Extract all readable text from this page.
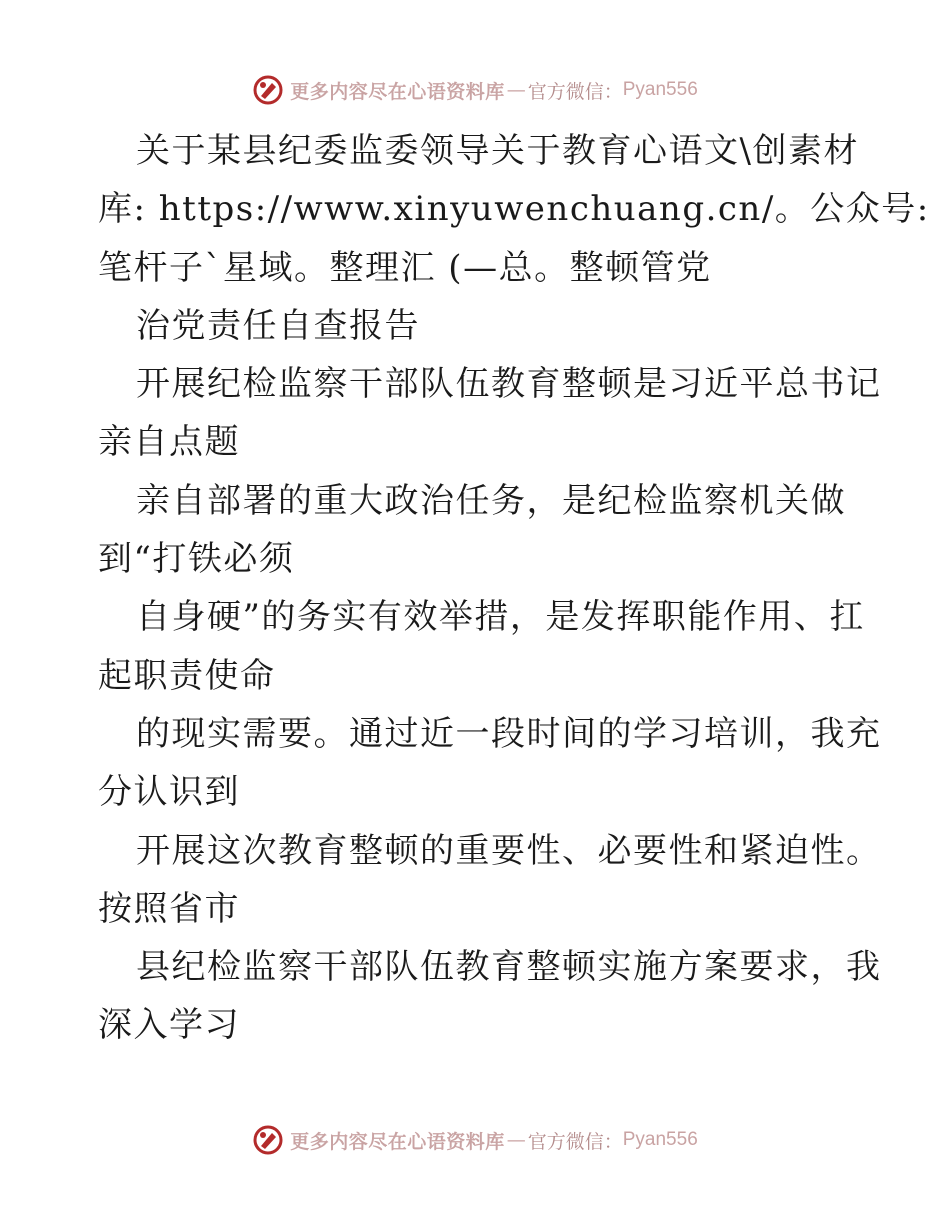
更多内容尽在心语资料库 — 官方微信： Pyan556
关于某县纪委监委领导关于教育心语文\创素材
库: https://www.xinyuwenchuang.cn/。公众号:
笔杆子`星域。整理汇 (—总。整顿管党
治党责任自查报告
开展纪检监察干部队伍教育整顿是习近平总书记
亲自点题
亲自部署的重大政治任务，是纪检监察机关做
到“打铁必须
自身硬”的务实有效举措，是发挥职能作用、扛
起职责使命
的现实需要。通过近一段时间的学习培训，我充
分认识到
开展这次教育整顿的重要性、必要性和紧迫性。
按照省市
县纪检监察干部队伍教育整顿实施方案要求，我
深入学习
更多内容尽在心语资料库 — 官方微信： Pyan556
